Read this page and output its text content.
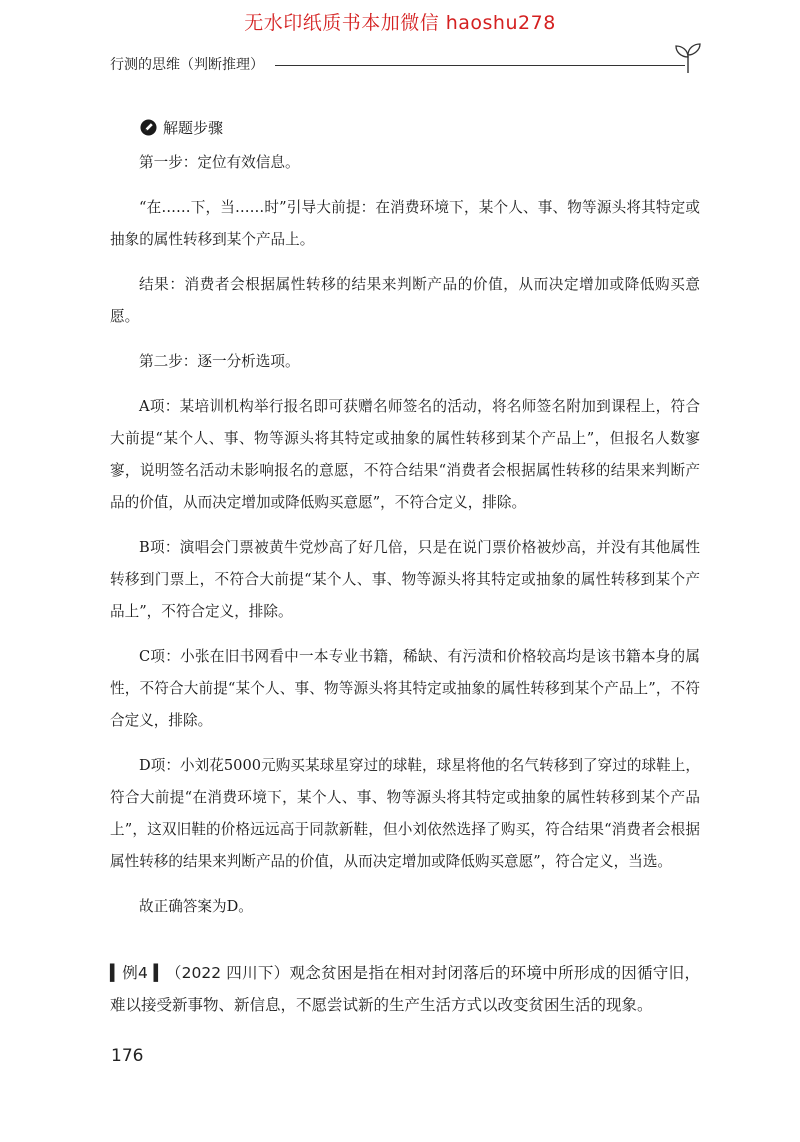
无水印纸质书本加微信 haoshu278
行测的思维（判断推理）
解题步骤

第一步：定位有效信息。

“在……下，当……时”引导大前提：在消费环境下，某个人、事、物等源头将其特定或抽象的属性转移到某个产品上。

结果：消费者会根据属性转移的结果来判断产品的价值，从而决定增加或降低购买意愿。

第二步：逐一分析选项。

A项：某培训机构举行报名即可获赠名师签名的活动，将名师签名附加到课程上，符合大前提“某个人、事、物等源头将其特定或抽象的属性转移到某个产品上”，但报名人数寥寥，说明签名活动未影响报名的意愿，不符合结果“消费者会根据属性转移的结果来判断产品的价值，从而决定增加或降低购买意愿”，不符合定义，排除。

B项：演唱会门票被黄牛党炒高了好几倍，只是在说门票价格被炒高，并没有其他属性转移到门票上，不符合大前提“某个人、事、物等源头将其特定或抽象的属性转移到某个产品上”，不符合定义，排除。

C项：小张在旧书网看中一本专业书籍，稀缺、有污渍和价格较高均是该书籍本身的属性，不符合大前提“某个人、事、物等源头将其特定或抽象的属性转移到某个产品上”，不符合定义，排除。

D项：小刘花5000元购买某球星穿过的球鞋，球星将他的名气转移到了穿过的球鞋上，符合大前提“在消费环境下，某个人、事、物等源头将其特定或抽象的属性转移到某个产品上”，这双旧鞋的价格远远高于同款新鞋，但小刘依然选择了购买，符合结果“消费者会根据属性转移的结果来判断产品的价值，从而决定增加或降低购买意愿”，符合定义，当选。

故正确答案为D。

▍例4 ▍（2022 四川下）观念贫困是指在相对封闭落后的环境中所形成的因循守旧，难以接受新事物、新信息，不愿尝试新的生产生活方式以改变贫困生活的现象。
176
